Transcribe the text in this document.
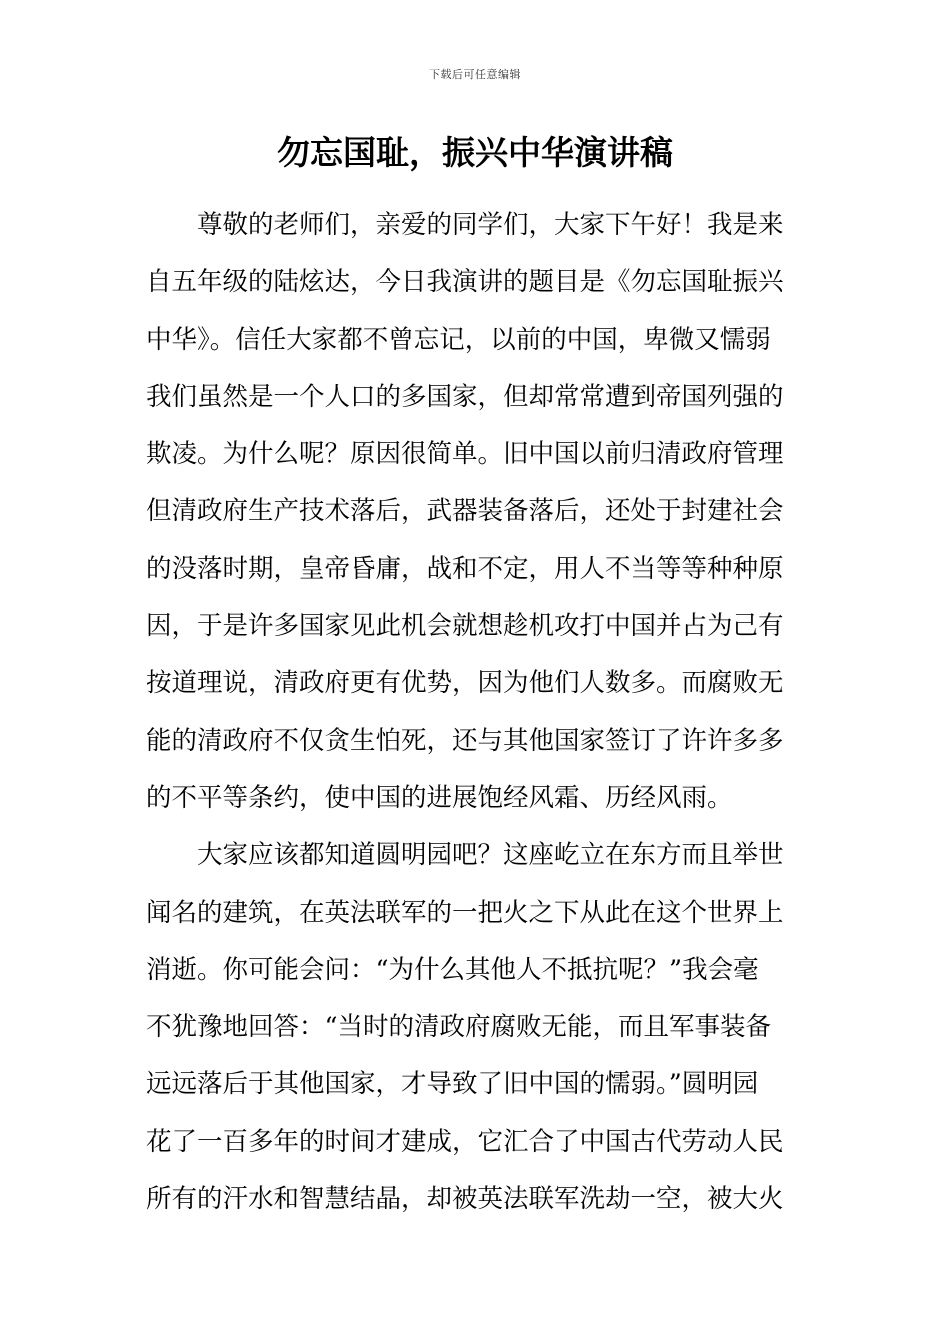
下载后可任意编辑
勿忘国耻，振兴中华演讲稿
尊敬的老师们，亲爱的同学们，大家下午好！我是来
自五年级的陆炫达，今日我演讲的题目是《勿忘国耻振兴
中华》。信任大家都不曾忘记，以前的中国，卑微又懦弱
我们虽然是一个人口的多国家，但却常常遭到帝国列强的
欺凌。为什么呢？原因很简单。旧中国以前归清政府管理
但清政府生产技术落后，武器装备落后，还处于封建社会
的没落时期，皇帝昏庸，战和不定，用人不当等等种种原
因，于是许多国家见此机会就想趁机攻打中国并占为己有
按道理说，清政府更有优势，因为他们人数多。而腐败无
能的清政府不仅贪生怕死，还与其他国家签订了许许多多
的不平等条约，使中国的进展饱经风霜、历经风雨。
大家应该都知道圆明园吧？这座屹立在东方而且举世
闻名的建筑，在英法联军的一把火之下从此在这个世界上
消逝。你可能会问：“为什么其他人不抵抗呢？”我会毫
不犹豫地回答：“当时的清政府腐败无能，而且军事装备
远远落后于其他国家，才导致了旧中国的懦弱。”圆明园
花了一百多年的时间才建成，它汇合了中国古代劳动人民
所有的汗水和智慧结晶，却被英法联军洗劫一空，被大火
